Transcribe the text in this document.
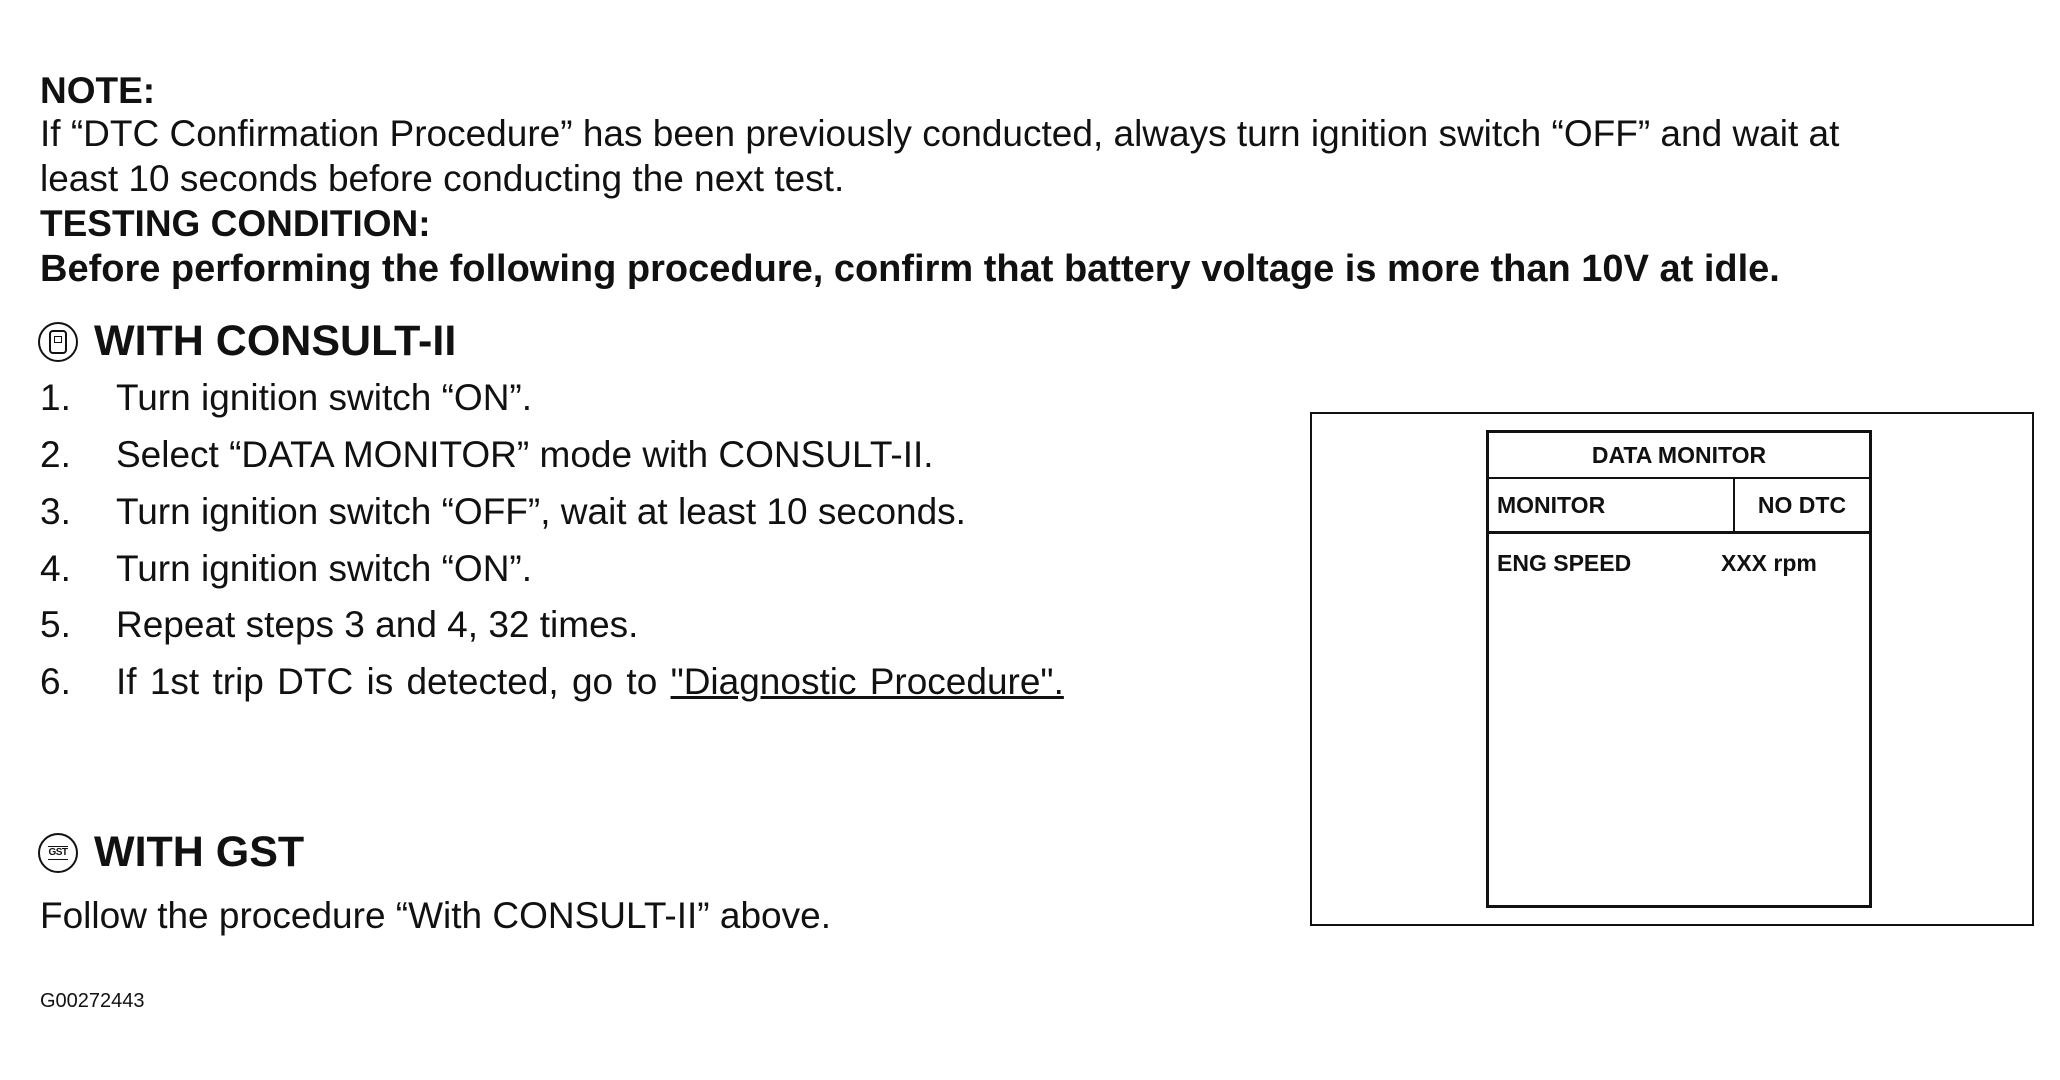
NOTE:
If “DTC Confirmation Procedure” has been previously conducted, always turn ignition switch “OFF” and wait at
least 10 seconds before conducting the next test.
TESTING CONDITION:
Before performing the following procedure, confirm that battery voltage is more than 10V at idle.
WITH CONSULT-II
1. Turn ignition switch “ON”.
2. Select “DATA MONITOR” mode with CONSULT-II.
3. Turn ignition switch “OFF”, wait at least 10 seconds.
4. Turn ignition switch “ON”.
5. Repeat steps 3 and 4, 32 times.
6. If 1st trip DTC is detected, go to "Diagnostic Procedure".
GST WITH GST
Follow the procedure “With CONSULT-II” above.
DATA MONITOR
MONITOR	NO DTC
ENG SPEED	XXX rpm
G00272443
